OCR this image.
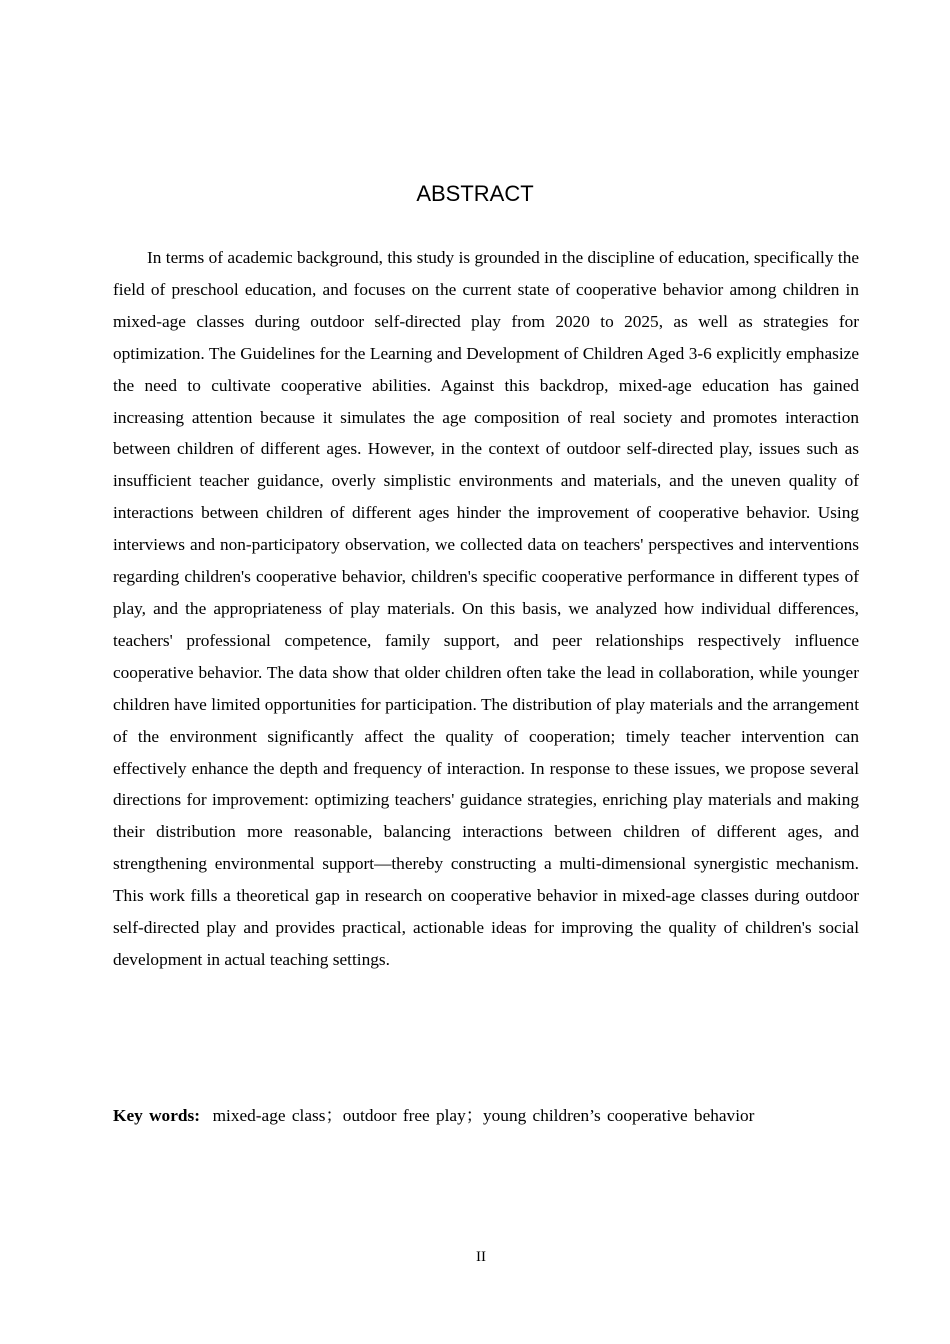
ABSTRACT

In terms of academic background, this study is grounded in the discipline of education, specifically the field of preschool education, and focuses on the current state of cooperative behavior among children in mixed-age classes during outdoor self-directed play from 2020 to 2025, as well as strategies for optimization. The Guidelines for the Learning and Development of Children Aged 3-6 explicitly emphasize the need to cultivate cooperative abilities. Against this backdrop, mixed-age education has gained increasing attention because it simulates the age composition of real society and promotes interaction between children of different ages. However, in the context of outdoor self-directed play, issues such as insufficient teacher guidance, overly simplistic environments and materials, and the uneven quality of interactions between children of different ages hinder the improvement of cooperative behavior. Using interviews and non-participatory observation, we collected data on teachers' perspectives and interventions regarding children's cooperative behavior, children's specific cooperative performance in different types of play, and the appropriateness of play materials. On this basis, we analyzed how individual differences, teachers' professional competence, family support, and peer relationships respectively influence cooperative behavior. The data show that older children often take the lead in collaboration, while younger children have limited opportunities for participation. The distribution of play materials and the arrangement of the environment significantly affect the quality of cooperation; timely teacher intervention can effectively enhance the depth and frequency of interaction. In response to these issues, we propose several directions for improvement: optimizing teachers' guidance strategies, enriching play materials and making their distribution more reasonable, balancing interactions between children of different ages, and strengthening environmental support—thereby constructing a multi-dimensional synergistic mechanism. This work fills a theoretical gap in research on cooperative behavior in mixed-age classes during outdoor self-directed play and provides practical, actionable ideas for improving the quality of children's social development in actual teaching settings.

Key words: mixed-age class；outdoor free play；young children’s cooperative behavior

II
